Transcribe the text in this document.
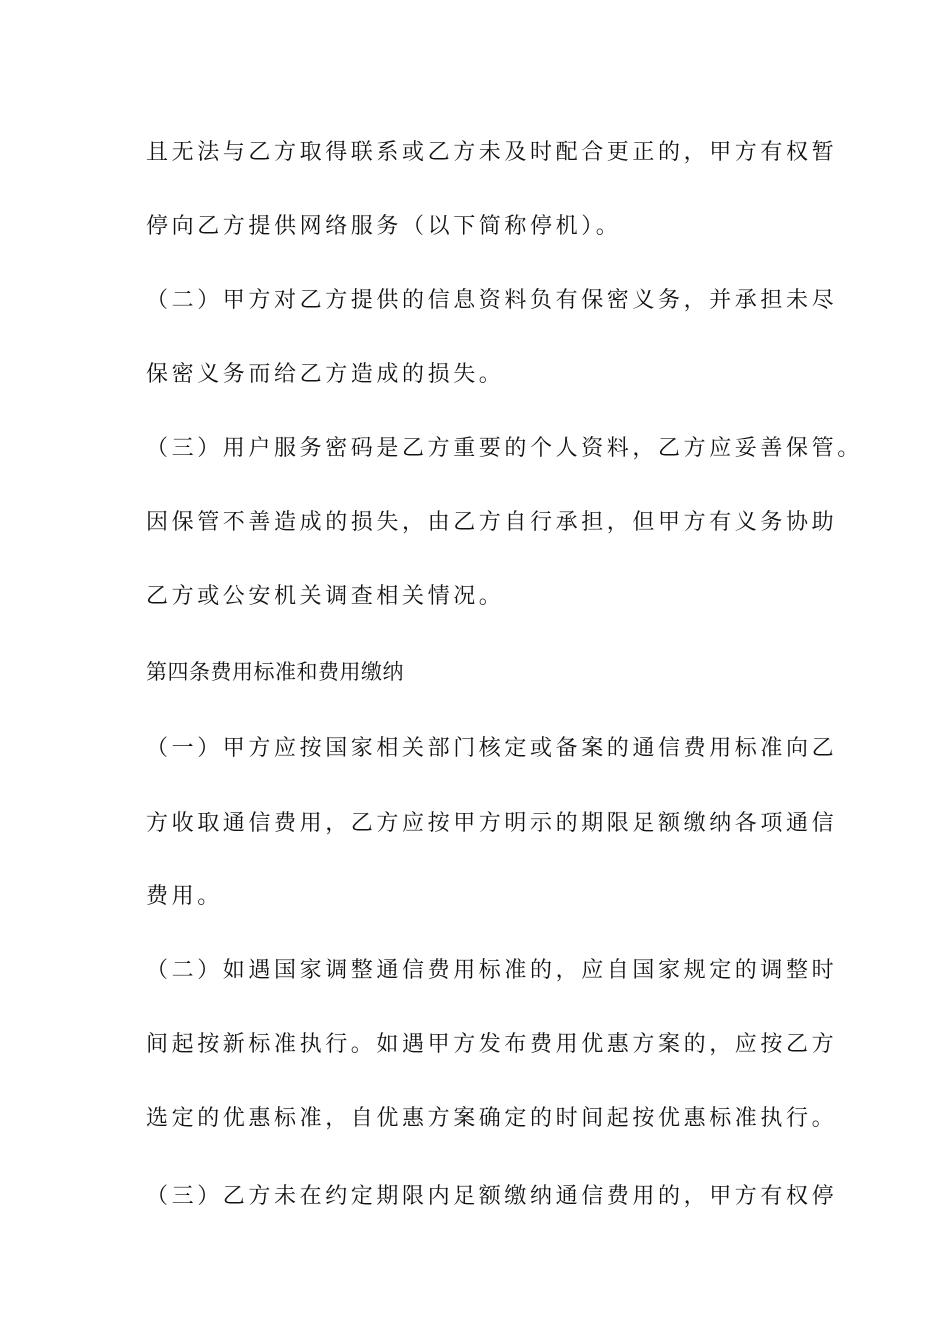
且无法与乙方取得联系或乙方未及时配合更正的，甲方有权暂
停向乙方提供网络服务（以下简称停机）。
（二）甲方对乙方提供的信息资料负有保密义务，并承担未尽
保密义务而给乙方造成的损失。
（三）用户服务密码是乙方重要的个人资料，乙方应妥善保管。
因保管不善造成的损失，由乙方自行承担，但甲方有义务协助
乙方或公安机关调查相关情况。
第四条费用标准和费用缴纳
（一）甲方应按国家相关部门核定或备案的通信费用标准向乙
方收取通信费用，乙方应按甲方明示的期限足额缴纳各项通信
费用。
（二）如遇国家调整通信费用标准的，应自国家规定的调整时
间起按新标准执行。如遇甲方发布费用优惠方案的，应按乙方
选定的优惠标准，自优惠方案确定的时间起按优惠标准执行。
（三）乙方未在约定期限内足额缴纳通信费用的，甲方有权停
